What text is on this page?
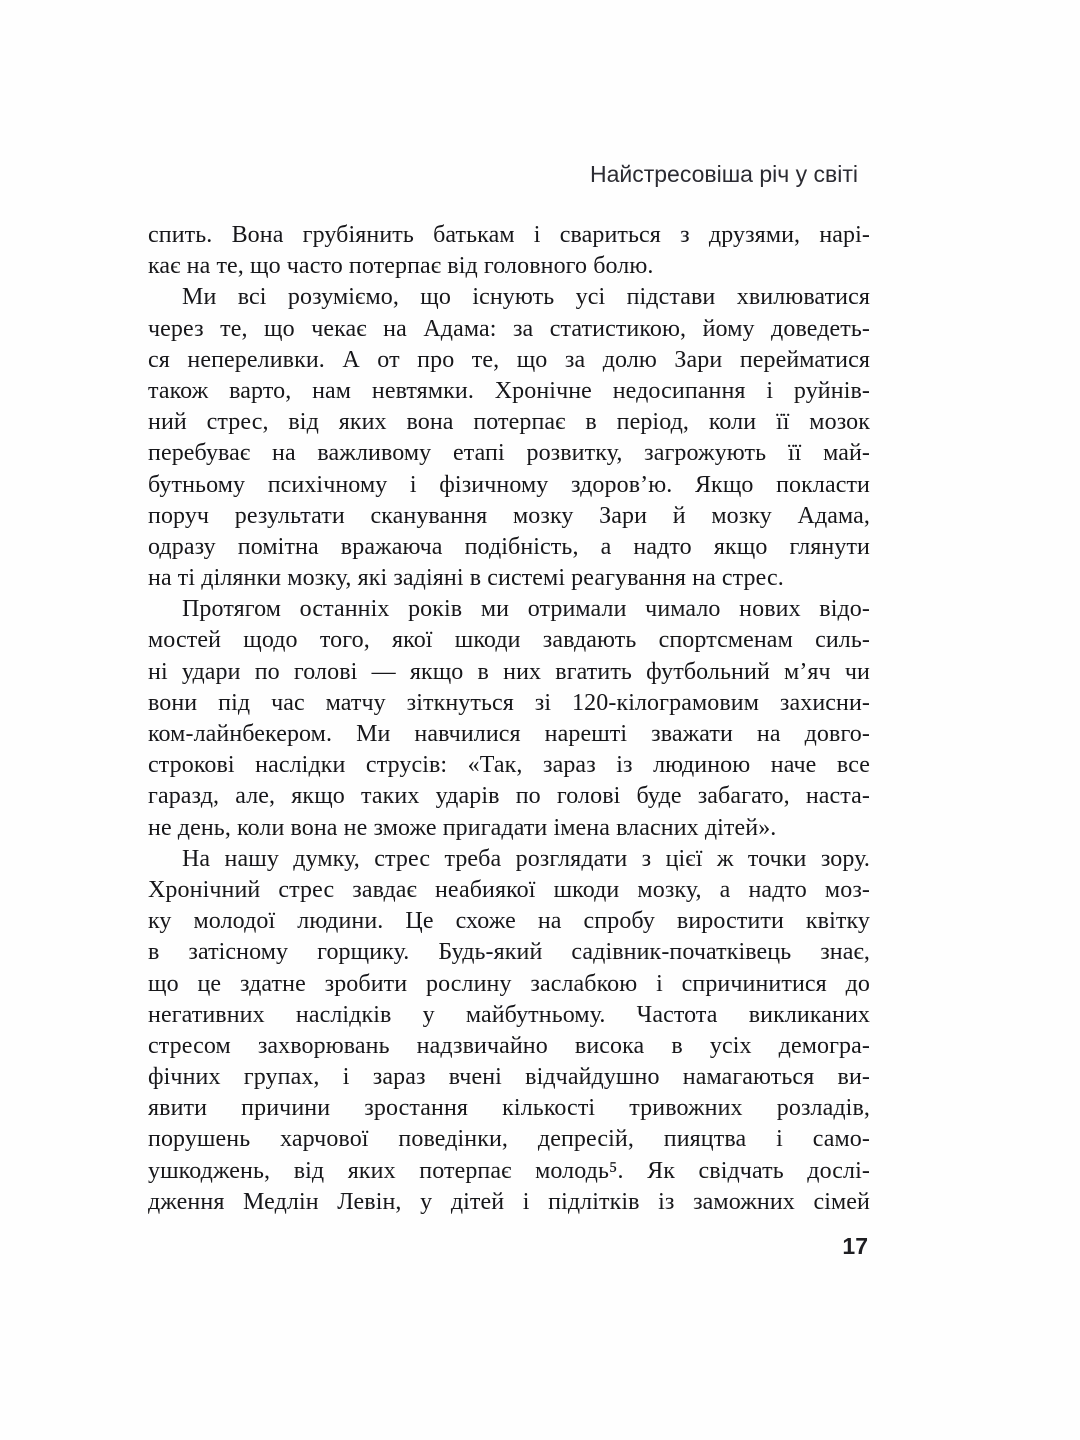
Найстресовіша річ у світі
спить. Вона грубіянить батькам і свариться з друзями, нарі-
кає на те, що часто потерпає від головного болю.
Ми всі розуміємо, що існують усі підстави хвилюватися
через те, що чекає на Адама: за статистикою, йому доведеть-
ся непереливки. А от про те, що за долю Зари перейматися
також варто, нам невтямки. Хронічне недосипання і руйнів-
ний стрес, від яких вона потерпає в період, коли її мозок
перебуває на важливому етапі розвитку, загрожують її май-
бутньому психічному і фізичному здоров’ю. Якщо покласти
поруч результати сканування мозку Зари й мозку Адама,
одразу помітна вражаюча подібність, а надто якщо глянути
на ті ділянки мозку, які задіяні в системі реагування на стрес.
Протягом останніх років ми отримали чимало нових відо-
мостей щодо того, якої шкоди завдають спортсменам силь-
ні удари по голові — якщо в них вгатить футбольний м’яч чи
вони під час матчу зіткнуться зі 120-кілограмовим захисни-
ком-лайнбекером. Ми навчилися нарешті зважати на довго-
строкові наслідки струсів: «Так, зараз із людиною наче все
гаразд, але, якщо таких ударів по голові буде забагато, наста-
не день, коли вона не зможе пригадати імена власних дітей».
На нашу думку, стрес треба розглядати з цієї ж точки зору.
Хронічний стрес завдає неабиякої шкоди мозку, а надто моз-
ку молодої людини. Це схоже на спробу виростити квітку
в затісному горщику. Будь-який садівник-початківець знає,
що це здатне зробити рослину заслабкою і спричинитися до
негативних наслідків у майбутньому. Частота викликаних
стресом захворювань надзвичайно висока в усіх демогра-
фічних групах, і зараз вчені відчайдушно намагаються ви-
явити причини зростання кількості тривожних розладів,
порушень харчової поведінки, депресій, пияцтва і само-
ушкоджень, від яких потерпає молодь⁵. Як свідчать дослі-
дження Медлін Левін, у дітей і підлітків із заможних сімей
17
